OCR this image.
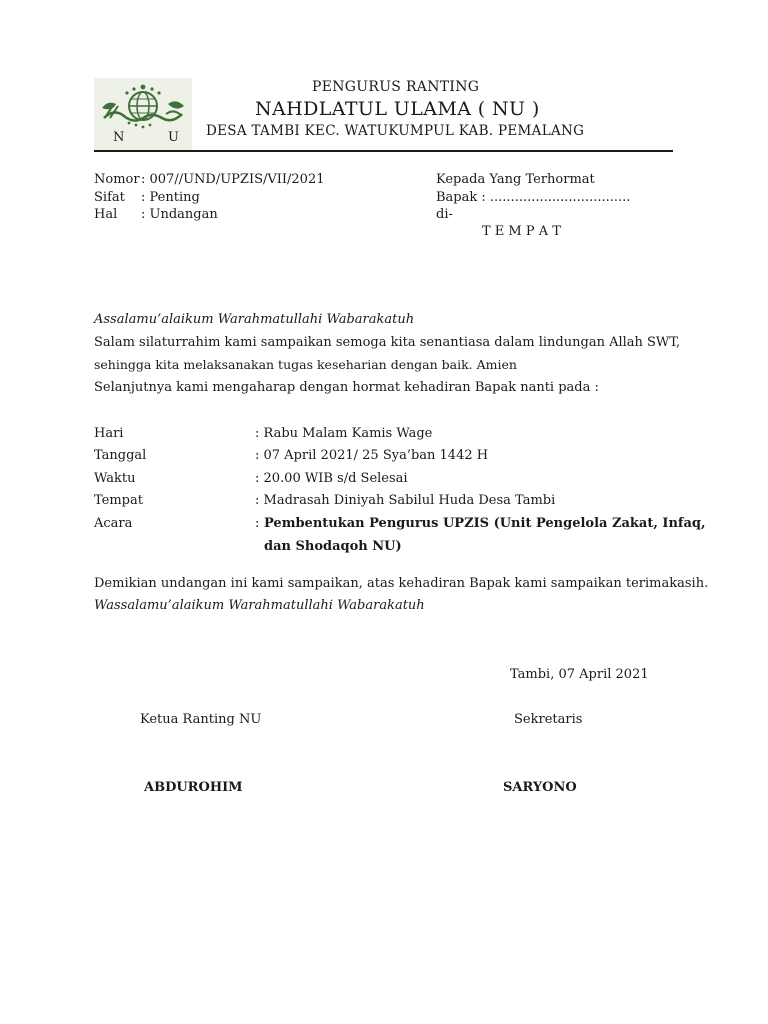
N	U
PENGURUS RANTING
NAHDLATUL ULAMA ( NU )
DESA TAMBI KEC. WATUKUMPUL KAB. PEMALANG
Nomor : 007//UND/UPZIS/VII/2021
Sifat : Penting
Hal : Undangan
Kepada Yang Terhormat
Bapak : ..................................
di-
T E M P A T
Assalamu’alaikum Warahmatullahi Wabarakatuh
Salam silaturrahim kami sampaikan semoga kita senantiasa dalam lindungan Allah SWT,
sehingga kita melaksanakan tugas keseharian dengan baik. Amien
Selanjutnya kami mengaharap dengan hormat kehadiran Bapak nanti pada :
Hari	: Rabu Malam Kamis Wage
Tanggal	: 07 April 2021/ 25 Sya’ban 1442 H
Waktu	: 20.00 WIB s/d Selesai
Tempat	: Madrasah Diniyah Sabilul Huda Desa Tambi
Acara	: Pembentukan Pengurus UPZIS (Unit Pengelola Zakat, Infaq,
dan Shodaqoh NU)
Demikian undangan ini kami sampaikan, atas kehadiran Bapak kami sampaikan terimakasih.
Wassalamu’alaikum Warahmatullahi Wabarakatuh
Tambi, 07 April 2021
Ketua Ranting NU	Sekretaris
ABDUROHIM	SARYONO
